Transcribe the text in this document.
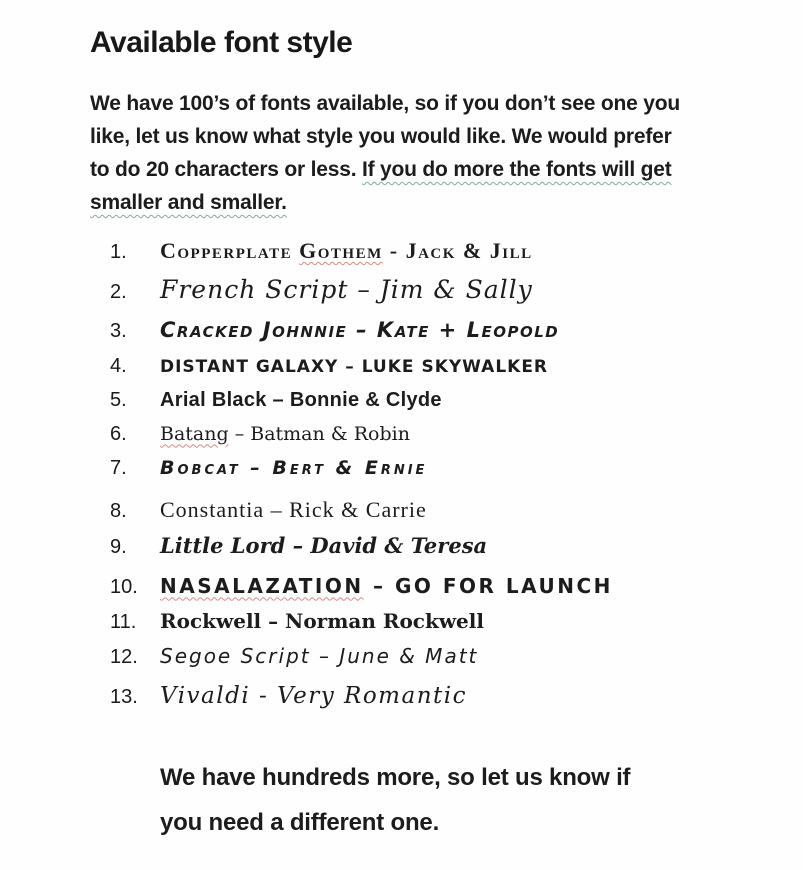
Available font style

We have 100’s of fonts available, so if you don’t see one you
like, let us know what style you would like. We would prefer
to do 20 characters or less. If you do more the fonts will get
smaller and smaller.

1.	Copperplate Gothem - Jack & Jill
2.	French Script – Jim & Sally
3.	Cracked Johnnie – Kate + Leopold
4.	DISTANT GALAXY – LUKE SKYWALKER
5.	Arial Black – Bonnie & Clyde
6.	Batang – Batman & Robin
7.	Bobcat – Bert & Ernie
8.	Constantia – Rick & Carrie
9.	Little Lord – David & Teresa
10.	NASALAZATION – GO FOR LAUNCH
11.	Rockwell – Norman Rockwell
12.	Segoe Script – June & Matt
13. Vivaldi - Very Romantic

We have hundreds more, so let us know if
you need a different one.
